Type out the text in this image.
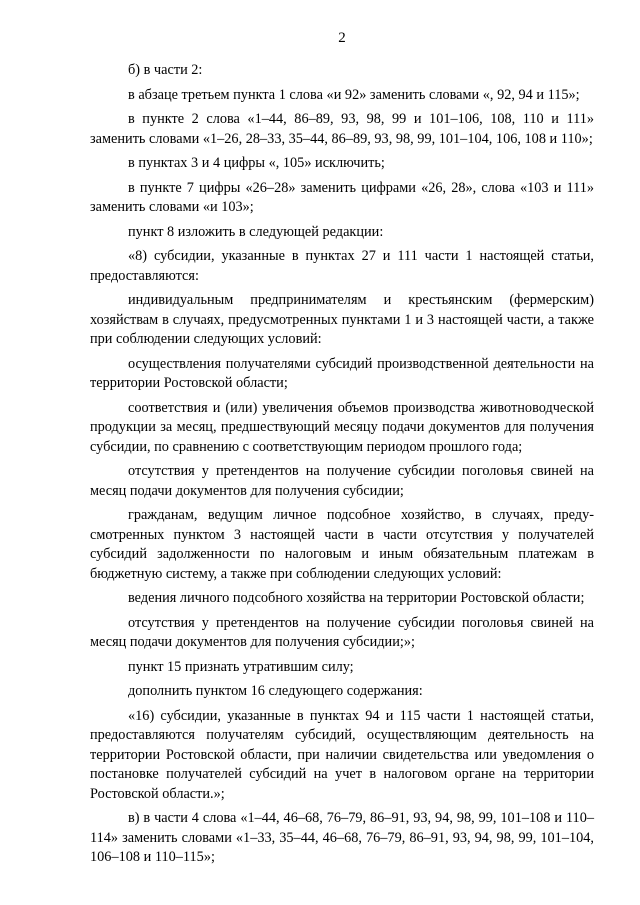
2

б) в части 2:

в абзаце третьем пункта 1 слова «и 92» заменить словами «, 92, 94 и 115»;

в пункте 2 слова «1–44, 86–89, 93, 98, 99 и 101–106, 108, 110 и 111» заменить словами «1–26, 28–33, 35–44, 86–89, 93, 98, 99, 101–104, 106, 108 и 110»;

в пунктах 3 и 4 цифры «, 105» исключить;

в пункте 7 цифры «26–28» заменить цифрами «26, 28», слова «103 и 111» заменить словами «и 103»;

пункт 8 изложить в следующей редакции:

«8) субсидии, указанные в пунктах 27 и 111 части 1 настоящей статьи, предоставляются:

индивидуальным предпринимателям и крестьянским (фермерским) хозяйствам в случаях, предусмотренных пунктами 1 и 3 настоящей части, а также при соблюдении следующих условий:

осуществления получателями субсидий производственной деятельности на территории Ростовской области;

соответствия и (или) увеличения объемов производства животноводческой продукции за месяц, предшествующий месяцу подачи документов для получения субсидии, по сравнению с соответствующим периодом прошлого года;

отсутствия у претендентов на получение субсидии поголовья свиней на месяц подачи документов для получения субсидии;

гражданам, ведущим личное подсобное хозяйство, в случаях, предусмотренных пунктом 3 настоящей части в части отсутствия у получателей субсидий задолженности по налоговым и иным обязательным платежам в бюджетную систему, а также при соблюдении следующих условий:

ведения личного подсобного хозяйства на территории Ростовской области;

отсутствия у претендентов на получение субсидии поголовья свиней на месяц подачи документов для получения субсидии;»;

пункт 15 признать утратившим силу;

дополнить пунктом 16 следующего содержания:

«16) субсидии, указанные в пунктах 94 и 115 части 1 настоящей статьи, предоставляются получателям субсидий, осуществляющим деятельность на территории Ростовской области, при наличии свидетельства или уведомления о постановке получателей субсидий на учет в налоговом органе на территории Ростовской области.»;

в) в части 4 слова «1–44, 46–68, 76–79, 86–91, 93, 94, 98, 99, 101–108 и 110–114» заменить словами «1–33, 35–44, 46–68, 76–79, 86–91, 93, 94, 98, 99, 101–104, 106–108 и 110–115»;
